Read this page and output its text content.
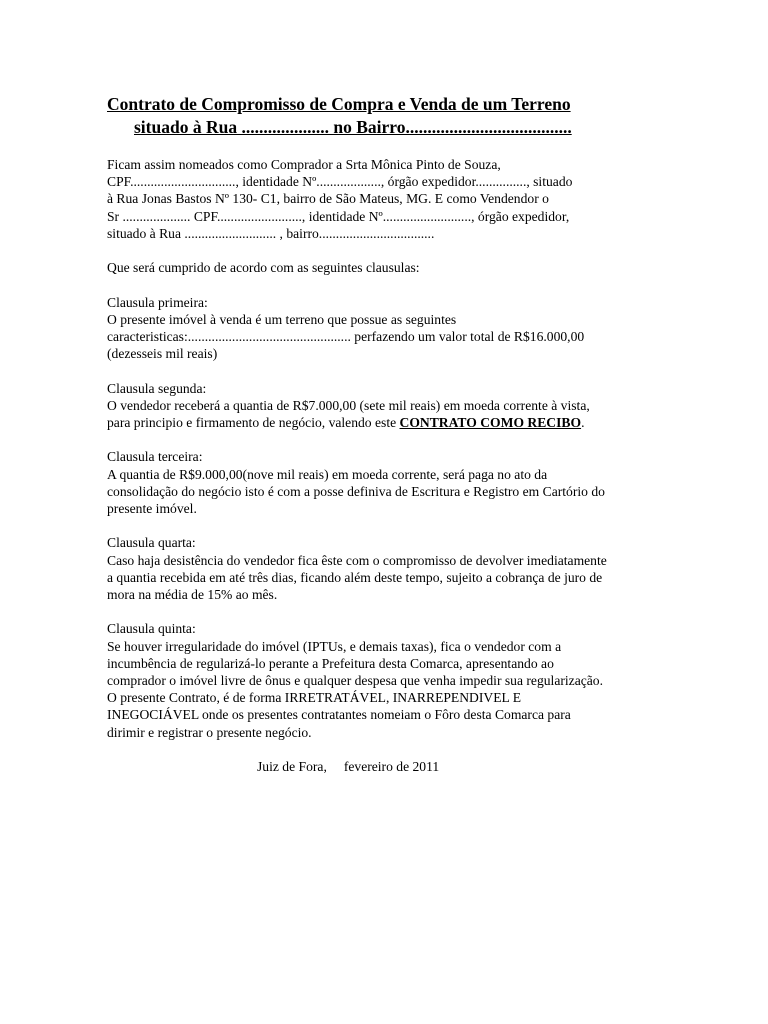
Contrato de Compromisso de Compra e Venda de um Terreno
situado à Rua .................... no Bairro......................................
Ficam assim nomeados como Comprador a Srta Mônica Pinto de Souza,
CPF..............................., identidade Nº..................., órgão expedidor..............., situado
à Rua Jonas Bastos Nº 130- C1, bairro de São Mateus, MG. E como Vendendor o
Sr .................... CPF........................., identidade Nº.........................., órgão expedidor,
situado à Rua ........................... , bairro..................................
Que será cumprido de acordo com as seguintes clausulas:
Clausula primeira:
O presente imóvel à venda é um terreno que possue as seguintes
caracteristicas:................................................ perfazendo um valor total de R$16.000,00
(dezesseis mil reais)
Clausula segunda:
O vendedor receberá a quantia de R$7.000,00 (sete mil reais) em moeda corrente à vista,
para principio e firmamento de negócio, valendo este CONTRATO COMO RECIBO.
Clausula terceira:
A quantia de R$9.000,00(nove mil reais) em moeda corrente, será paga no ato da
consolidação do negócio isto é com a posse definiva de Escritura e Registro em Cartório do
presente imóvel.
Clausula quarta:
Caso haja desistência do vendedor fica êste com o compromisso de devolver imediatamente
a quantia recebida em até três dias, ficando além deste tempo, sujeito a cobrança de juro de
mora na média de 15% ao mês.
Clausula quinta:
Se houver irregularidade do imóvel (IPTUs, e demais taxas), fica o vendedor com a
incumbência de regularizá-lo perante a Prefeitura desta Comarca, apresentando ao
comprador o imóvel livre de ônus e qualquer despesa que venha impedir sua regularização.
O presente Contrato, é de forma IRRETRATÁVEL, INARREPENDIVEL E
INEGOCIÁVEL onde os presentes contratantes nomeiam o Fôro desta Comarca para
dirimir e registrar o presente negócio.
Juiz de Fora,     fevereiro de 2011
